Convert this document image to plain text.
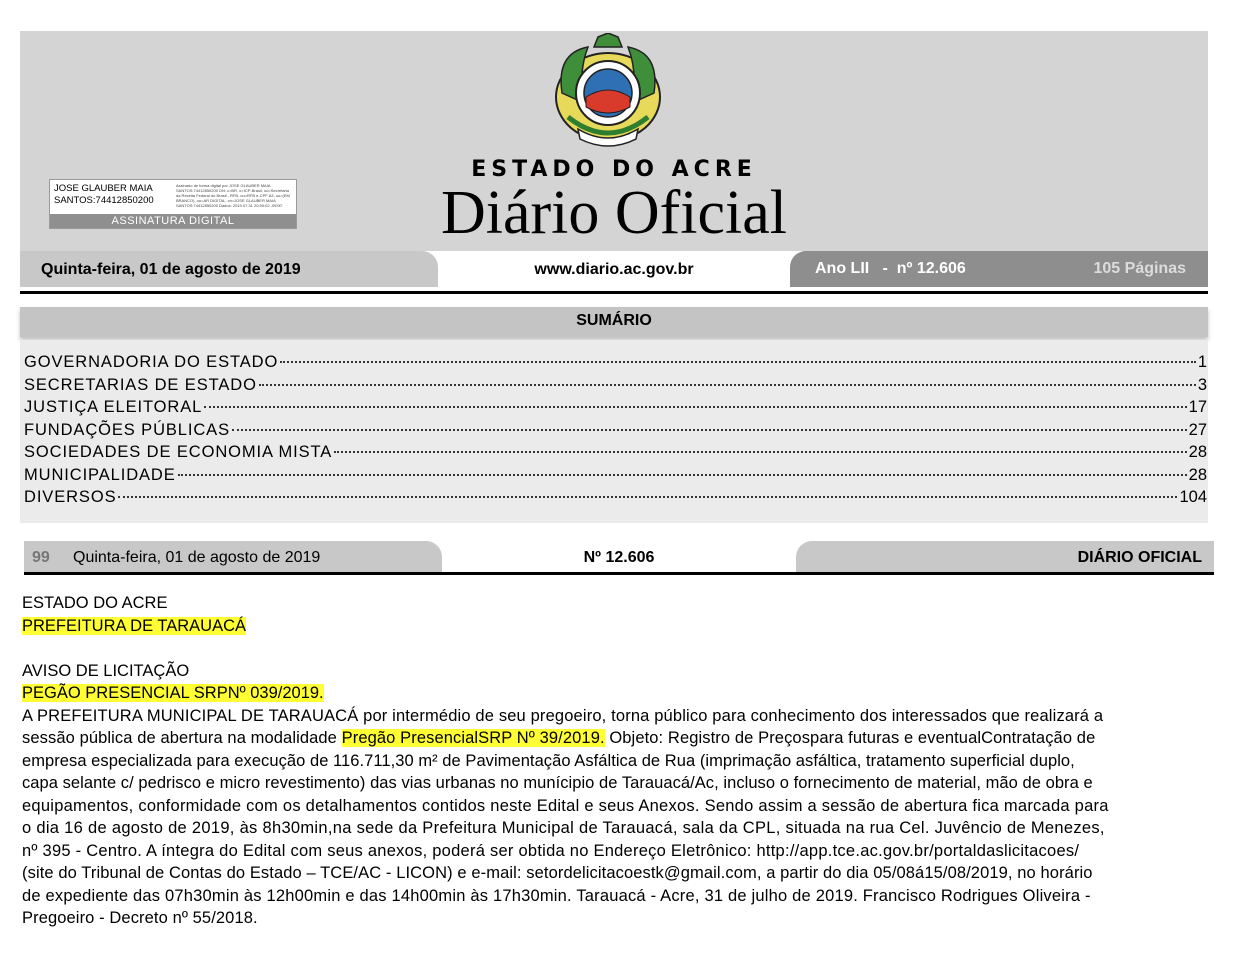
ESTADO DO ACRE
Diário Oficial
JOSE GLAUBER MAIA
SANTOS:74412850200
Assinado de forma digital por JOSE GLAUBER MAIA SANTOS:74412850200 DN: c=BR, o=ICP-Brasil, ou=Secretaria da Receita Federal do Brasil - RFB, ou=RFB e-CPF A3, ou=(EM BRANCO), ou=AR DIGITAL, cn=JOSE GLAUBER MAIA SANTOS:74412850200 Dados: 2019.07.31 20:59:02 -05'00'
ASSINATURA DIGITAL
Quinta-feira, 01 de agosto de 2019	www.diario.ac.gov.br	Ano LII   -  nº 12.606	105 Páginas
SUMÁRIO
GOVERNADORIA DO ESTADO	1
SECRETARIAS DE ESTADO	3
JUSTIÇA ELEITORAL	17
FUNDAÇÕES PÚBLICAS	27
SOCIEDADES DE ECONOMIA MISTA	28
MUNICIPALIDADE	28
DIVERSOS	104
99 Quinta-feira, 01 de agosto de 2019	Nº 12.606	DIÁRIO OFICIAL
ESTADO DO ACRE
PREFEITURA DE TARAUACÁ
AVISO DE LICITAÇÃO
PEGÃO PRESENCIAL SRPNº 039/2019.
A PREFEITURA MUNICIPAL DE TARAUACÁ por intermédio de seu pregoeiro, torna público para conhecimento dos interessados que realizará a
sessão pública de abertura na modalidade Pregão PresencialSRP Nº 39/2019. Objeto: Registro de Preçospara futuras e eventualContratação de
empresa especializada para execução de 116.711,30 m² de Pavimentação Asfáltica de Rua (imprimação asfáltica, tratamento superficial duplo,
capa selante c/ pedrisco e micro revestimento) das vias urbanas no munícipio de Tarauacá/Ac, incluso o fornecimento de material, mão de obra e
equipamentos, conformidade com os detalhamentos contidos neste Edital e seus Anexos. Sendo assim a sessão de abertura fica marcada para
o dia 16 de agosto de 2019, às 8h30min,na sede da Prefeitura Municipal de Tarauacá, sala da CPL, situada na rua Cel. Juvêncio de Menezes,
nº 395 - Centro. A íntegra do Edital com seus anexos, poderá ser obtida no Endereço Eletrônico: http://app.tce.ac.gov.br/portaldaslicitacoes/
(site do Tribunal de Contas do Estado – TCE/AC - LICON) e e-mail: setordelicitacoestk@gmail.com, a partir do dia 05/08á15/08/2019, no horário
de expediente das 07h30min às 12h00min e das 14h00min às 17h30min. Tarauacá - Acre, 31 de julho de 2019. Francisco Rodrigues Oliveira -
Pregoeiro - Decreto nº 55/2018.
